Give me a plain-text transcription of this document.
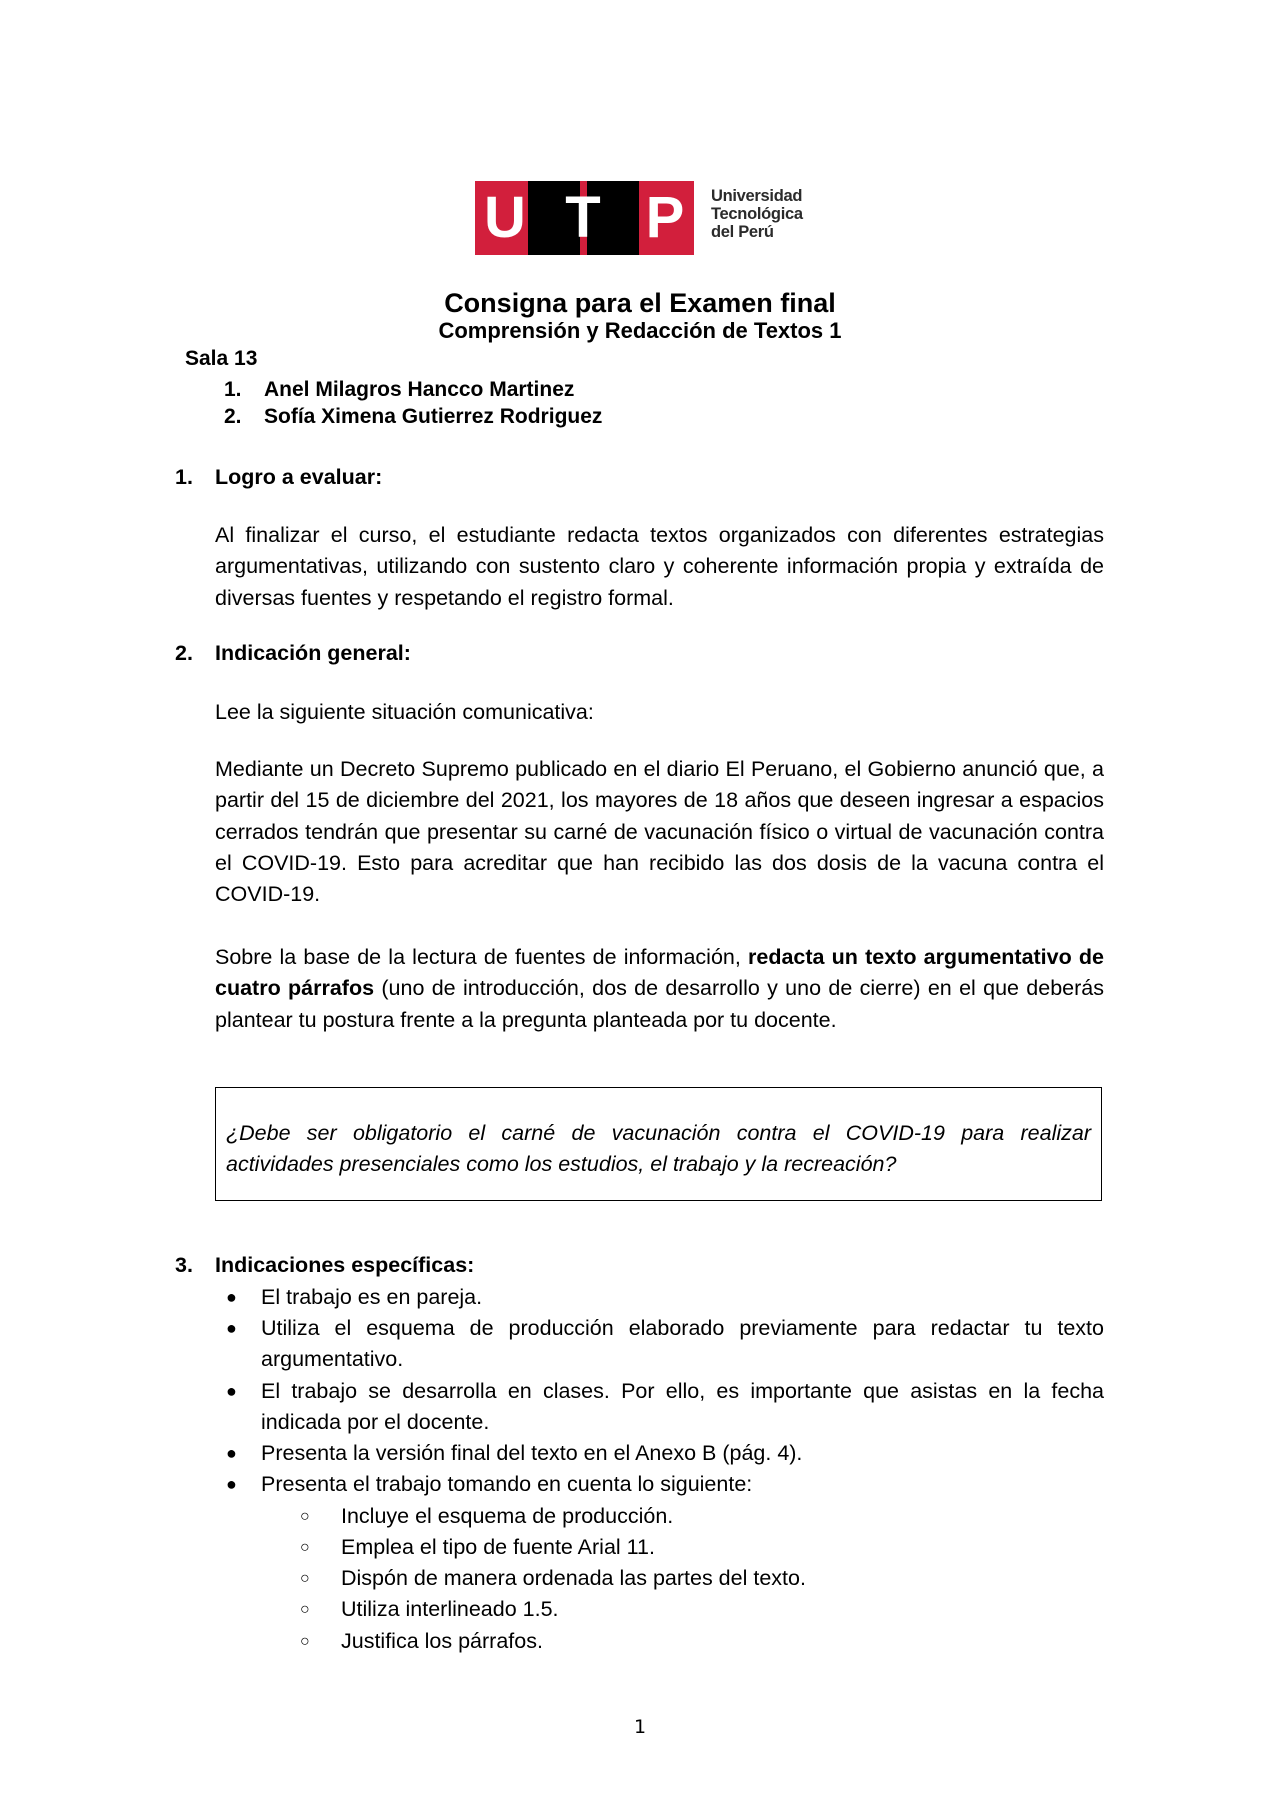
U T P	Universidad
Tecnológica
del Perú
Consigna para el Examen final
Comprensión y Redacción de Textos 1
Sala 13
1. Anel Milagros Hancco Martinez
2. Sofía Ximena Gutierrez Rodriguez
1. Logro a evaluar:

Al finalizar el curso, el estudiante redacta textos organizados con diferentes estrategias argumentativas, utilizando con sustento claro y coherente información propia y extraída de diversas fuentes y respetando el registro formal.

2. Indicación general:

Lee la siguiente situación comunicativa:

Mediante un Decreto Supremo publicado en el diario El Peruano, el Gobierno anunció que, a partir del 15 de diciembre del 2021, los mayores de 18 años que deseen ingresar a espacios cerrados tendrán que presentar su carné de vacunación físico o virtual de vacunación contra el COVID-19. Esto para acreditar que han recibido las dos dosis de la vacuna contra el COVID-19.

Sobre la base de la lectura de fuentes de información, redacta un texto argumentativo de cuatro párrafos (uno de introducción, dos de desarrollo y uno de cierre) en el que deberás plantear tu postura frente a la pregunta planteada por tu docente.

¿Debe ser obligatorio el carné de vacunación contra el COVID-19 para realizar actividades presenciales como los estudios, el trabajo y la recreación?
3. Indicaciones específicas:
● El trabajo es en pareja.
● Utiliza el esquema de producción elaborado previamente para redactar tu texto argumentativo.
● El trabajo se desarrolla en clases. Por ello, es importante que asistas en la fecha indicada por el docente.
● Presenta la versión final del texto en el Anexo B (pág. 4).
● Presenta el trabajo tomando en cuenta lo siguiente:
○ Incluye el esquema de producción.
○ Emplea el tipo de fuente Arial 11.
○ Dispón de manera ordenada las partes del texto.
○ Utiliza interlineado 1.5.
○ Justifica los párrafos.
1
